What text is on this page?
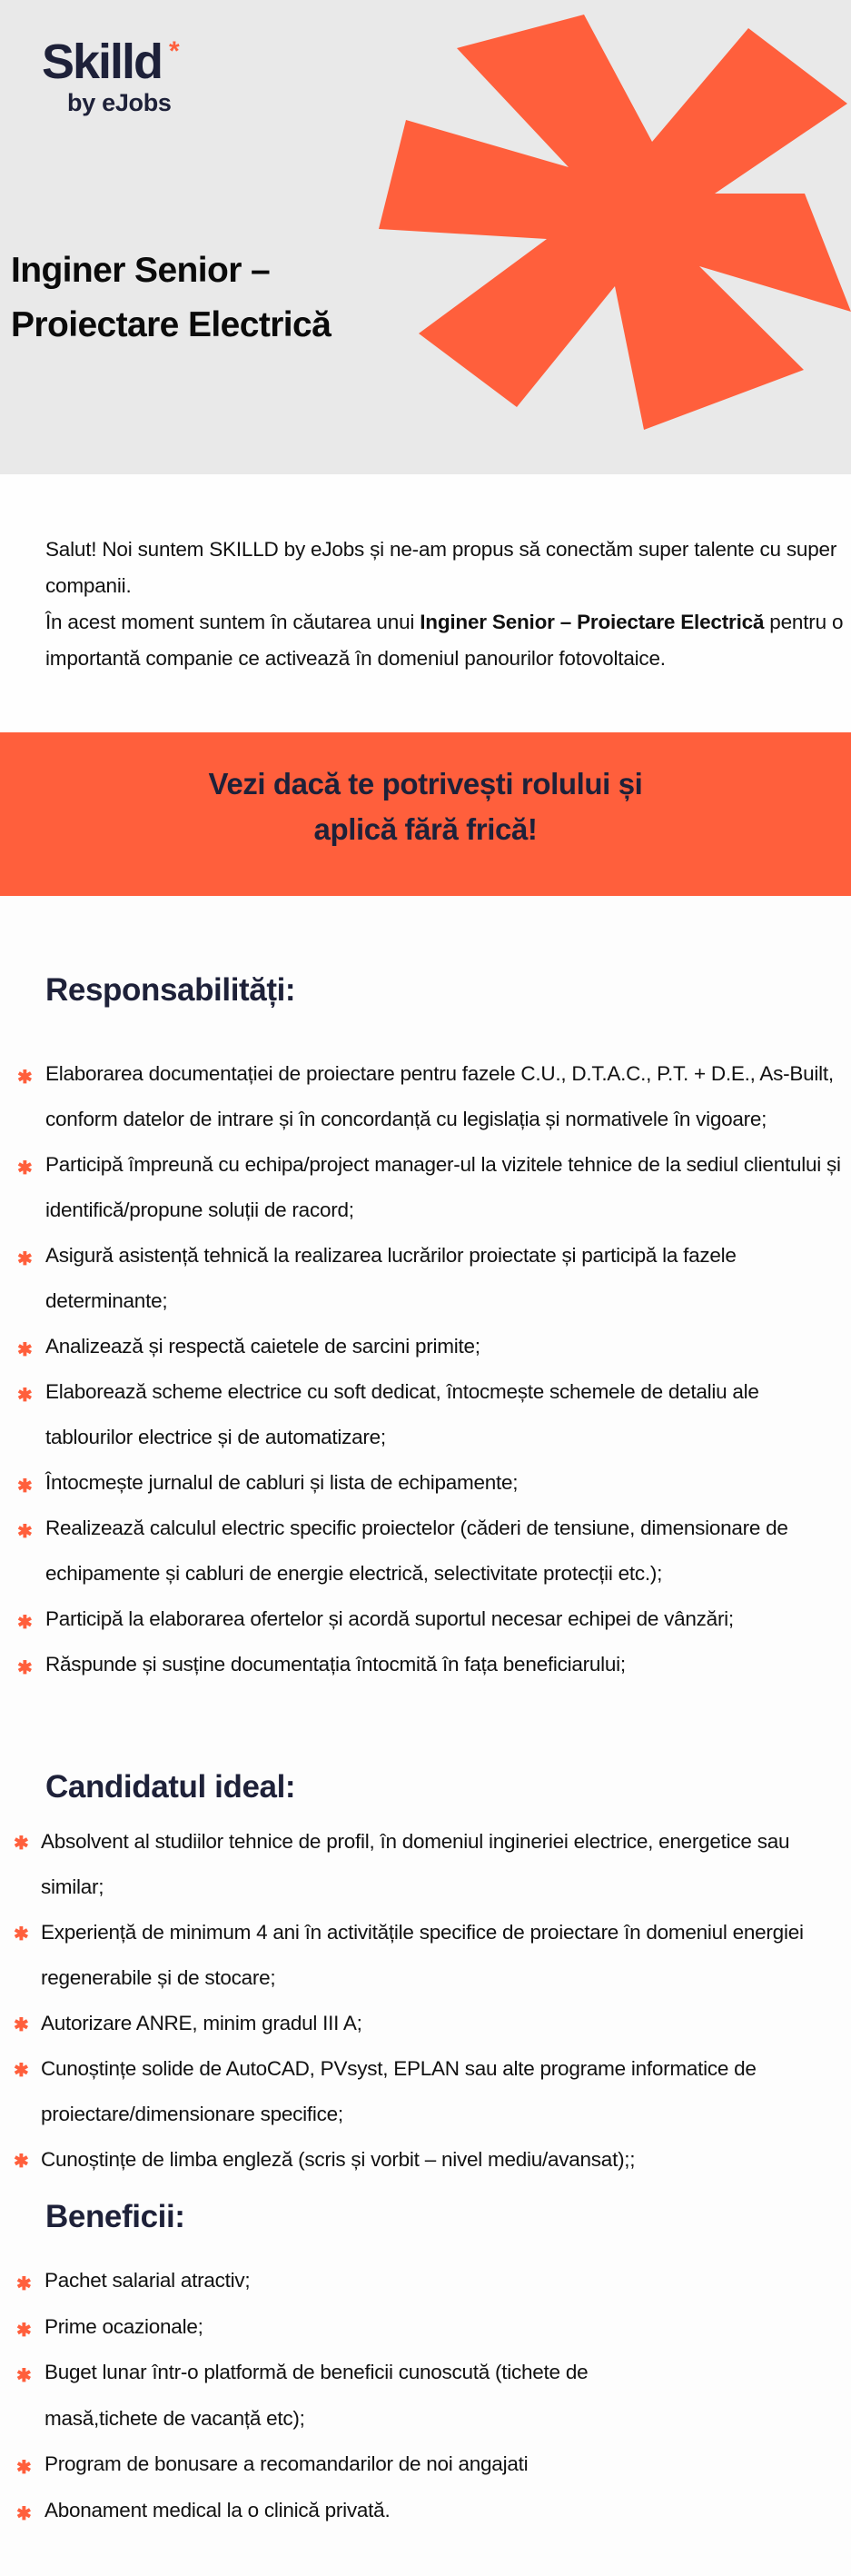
Skilld *
by eJobs
Inginer Senior –
Proiectare Electrică

Salut! Noi suntem SKILLD by eJobs și ne-am propus să conectăm super talente cu super companii.
În acest moment suntem în căutarea unui Inginer Senior – Proiectare Electrică pentru o importantă companie ce activează în domeniul panourilor fotovoltaice.

Vezi dacă te potrivești rolului și
aplică fără frică!
Responsabilități:
✱ Elaborarea documentației de proiectare pentru fazele C.U., D.T.A.C., P.T. + D.E., As-Built, conform datelor de intrare și în concordanță cu legislația și normativele în vigoare;
✱ Participă împreună cu echipa/project manager-ul la vizitele tehnice de la sediul clientului și identifică/propune soluții de racord;
✱ Asigură asistență tehnică la realizarea lucrărilor proiectate și participă la fazele determinante;
✱ Analizează și respectă caietele de sarcini primite;
✱ Elaborează scheme electrice cu soft dedicat, întocmește schemele de detaliu ale tablourilor electrice și de automatizare;
✱ Întocmește jurnalul de cabluri și lista de echipamente;
✱ Realizează calculul electric specific proiectelor (căderi de tensiune, dimensionare de echipamente și cabluri de energie electrică, selectivitate protecții etc.);
✱ Participă la elaborarea ofertelor și acordă suportul necesar echipei de vânzări;
✱ Răspunde și susține documentația întocmită în fața beneficiarului;
Candidatul ideal:
✱ Absolvent al studiilor tehnice de profil, în domeniul ingineriei electrice, energetice sau similar;
✱ Experiență de minimum 4 ani în activitățile specifice de proiectare în domeniul energiei regenerabile și de stocare;
✱ Autorizare ANRE, minim gradul III A;
✱ Cunoștințe solide de AutoCAD, PVsyst, EPLAN sau alte programe informatice de proiectare/dimensionare specifice;
✱ Cunoștințe de limba engleză (scris și vorbit – nivel mediu/avansat);;
Beneficii:
✱ Pachet salarial atractiv;
✱ Prime ocazionale;
✱ Buget lunar într-o platformă de beneficii cunoscută (tichete de masă,tichete de vacanță etc);
✱ Program de bonusare a recomandarilor de noi angajati
✱ Abonament medical la o clinică privată.
